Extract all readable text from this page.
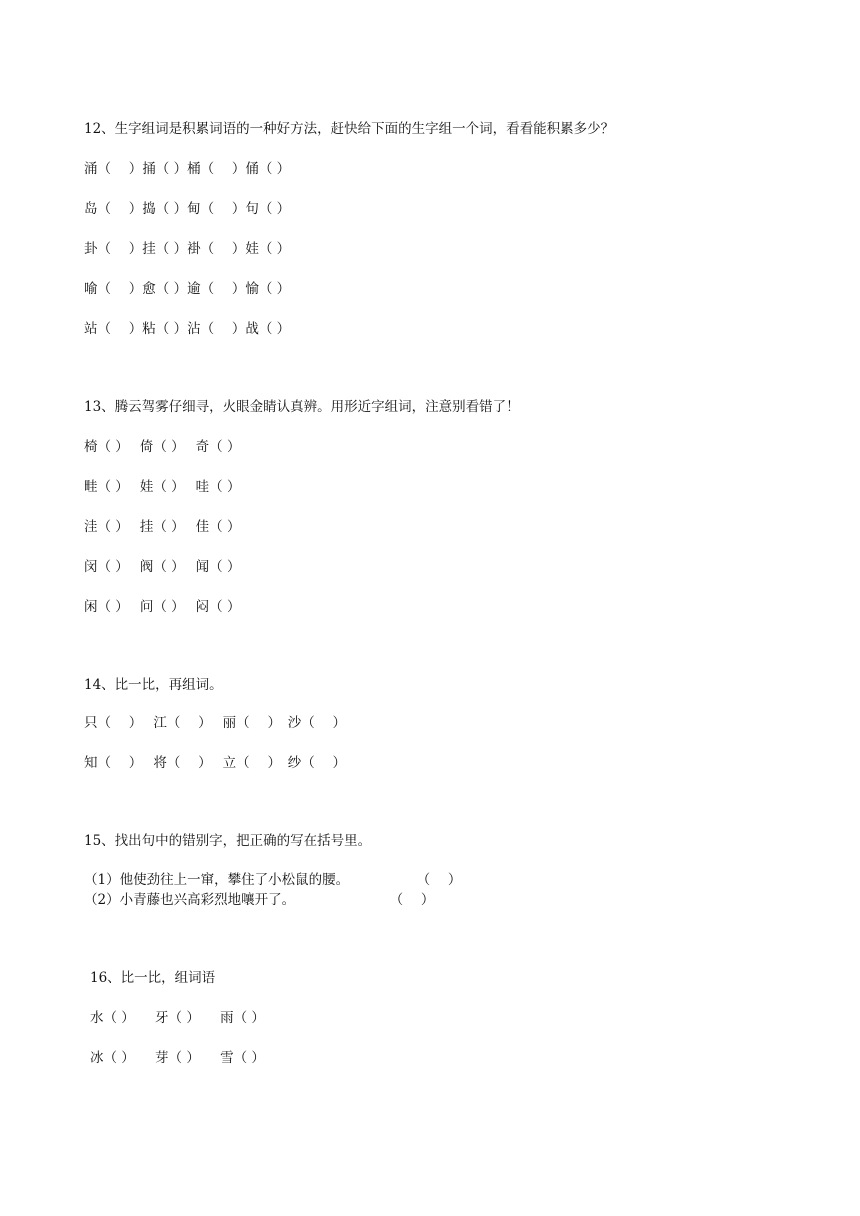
12、生字组词是积累词语的一种好方法，赶快给下面的生字组一个词，看看能积累多少？
涌（　 ）捅（ ）桶（　 ）俑（ ）
岛（　 ）捣（ ）甸（　 ）句（ ）
卦（　 ）挂（ ）褂（　 ）娃（ ）
喻（　 ）愈（ ）逾（　 ）愉（ ）
站（　 ）粘（ ）沾（　 ）战（ ）
13、腾云驾雾仔细寻，火眼金睛认真辨。用形近字组词，注意别看错了！
椅（ ）　 倚（ ）　 奇（ ）
畦（ ）　 娃（ ）　 哇（ ）
洼（ ）　 挂（ ）　 佳（ ）
闵（ ）　 阀（ ）　 闻（ ）
闲（ ）　 问（ ）　 闷（ ）
14、比一比，再组词。
只（　 ）　 江（　 ）　 丽（　 ）　沙（　 ）
知（　 ）　 将（　 ）　 立（　 ）　纱（　 ）
15、找出句中的错别字，把正确的写在括号里。
（1）他使劲往上一窜，攀住了小松鼠的腰。　　　　　　（　 ）
（2）小青藤也兴高彩烈地嚷开了。　　　　　　　　（　 ）
16、比一比，组词语
水（ ）　　牙（ ）　　雨（ ）
冰（ ）　　芽（ ）　　雪（ ）
